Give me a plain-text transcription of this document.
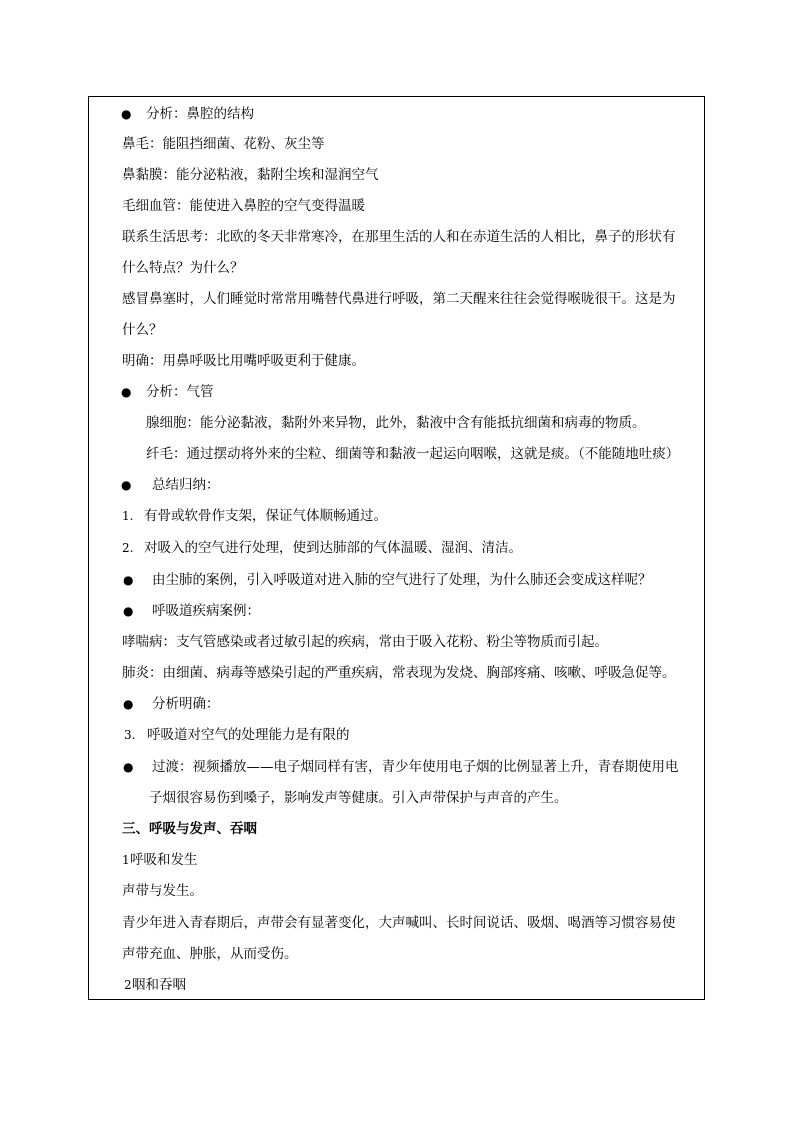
● 分析：鼻腔的结构
鼻毛：能阻挡细菌、花粉、灰尘等
鼻黏膜：能分泌粘液，黏附尘埃和湿润空气
毛细血管：能使进入鼻腔的空气变得温暖
联系生活思考：北欧的冬天非常寒冷，在那里生活的人和在赤道生活的人相比，鼻子的形状有
什么特点？为什么？
感冒鼻塞时，人们睡觉时常常用嘴替代鼻进行呼吸，第二天醒来往往会觉得喉咙很干。这是为
什么？
明确：用鼻呼吸比用嘴呼吸更利于健康。
● 分析：气管
腺细胞：能分泌黏液，黏附外来异物，此外，黏液中含有能抵抗细菌和病毒的物质。
纤毛：通过摆动将外来的尘粒、细菌等和黏液一起运向咽喉，这就是痰。（不能随地吐痰）
● 总结归纳：
1. 有骨或软骨作支架，保证气体顺畅通过。
2. 对吸入的空气进行处理，使到达肺部的气体温暖、湿润、清洁。
● 由尘肺的案例，引入呼吸道对进入肺的空气进行了处理，为什么肺还会变成这样呢？
● 呼吸道疾病案例：
哮喘病：支气管感染或者过敏引起的疾病，常由于吸入花粉、粉尘等物质而引起。
肺炎：由细菌、病毒等感染引起的严重疾病，常表现为发烧、胸部疼痛、咳嗽、呼吸急促等。
● 分析明确：
3. 呼吸道对空气的处理能力是有限的
● 过渡：视频播放——电子烟同样有害，青少年使用电子烟的比例显著上升，青春期使用电
子烟很容易伤到嗓子，影响发声等健康。引入声带保护与声音的产生。
三、呼吸与发声、吞咽
1 呼吸和发生
声带与发生。
青少年进入青春期后，声带会有显著变化，大声喊叫、长时间说话、吸烟、喝酒等习惯容易使
声带充血、肿胀，从而受伤。
2 咽和吞咽
